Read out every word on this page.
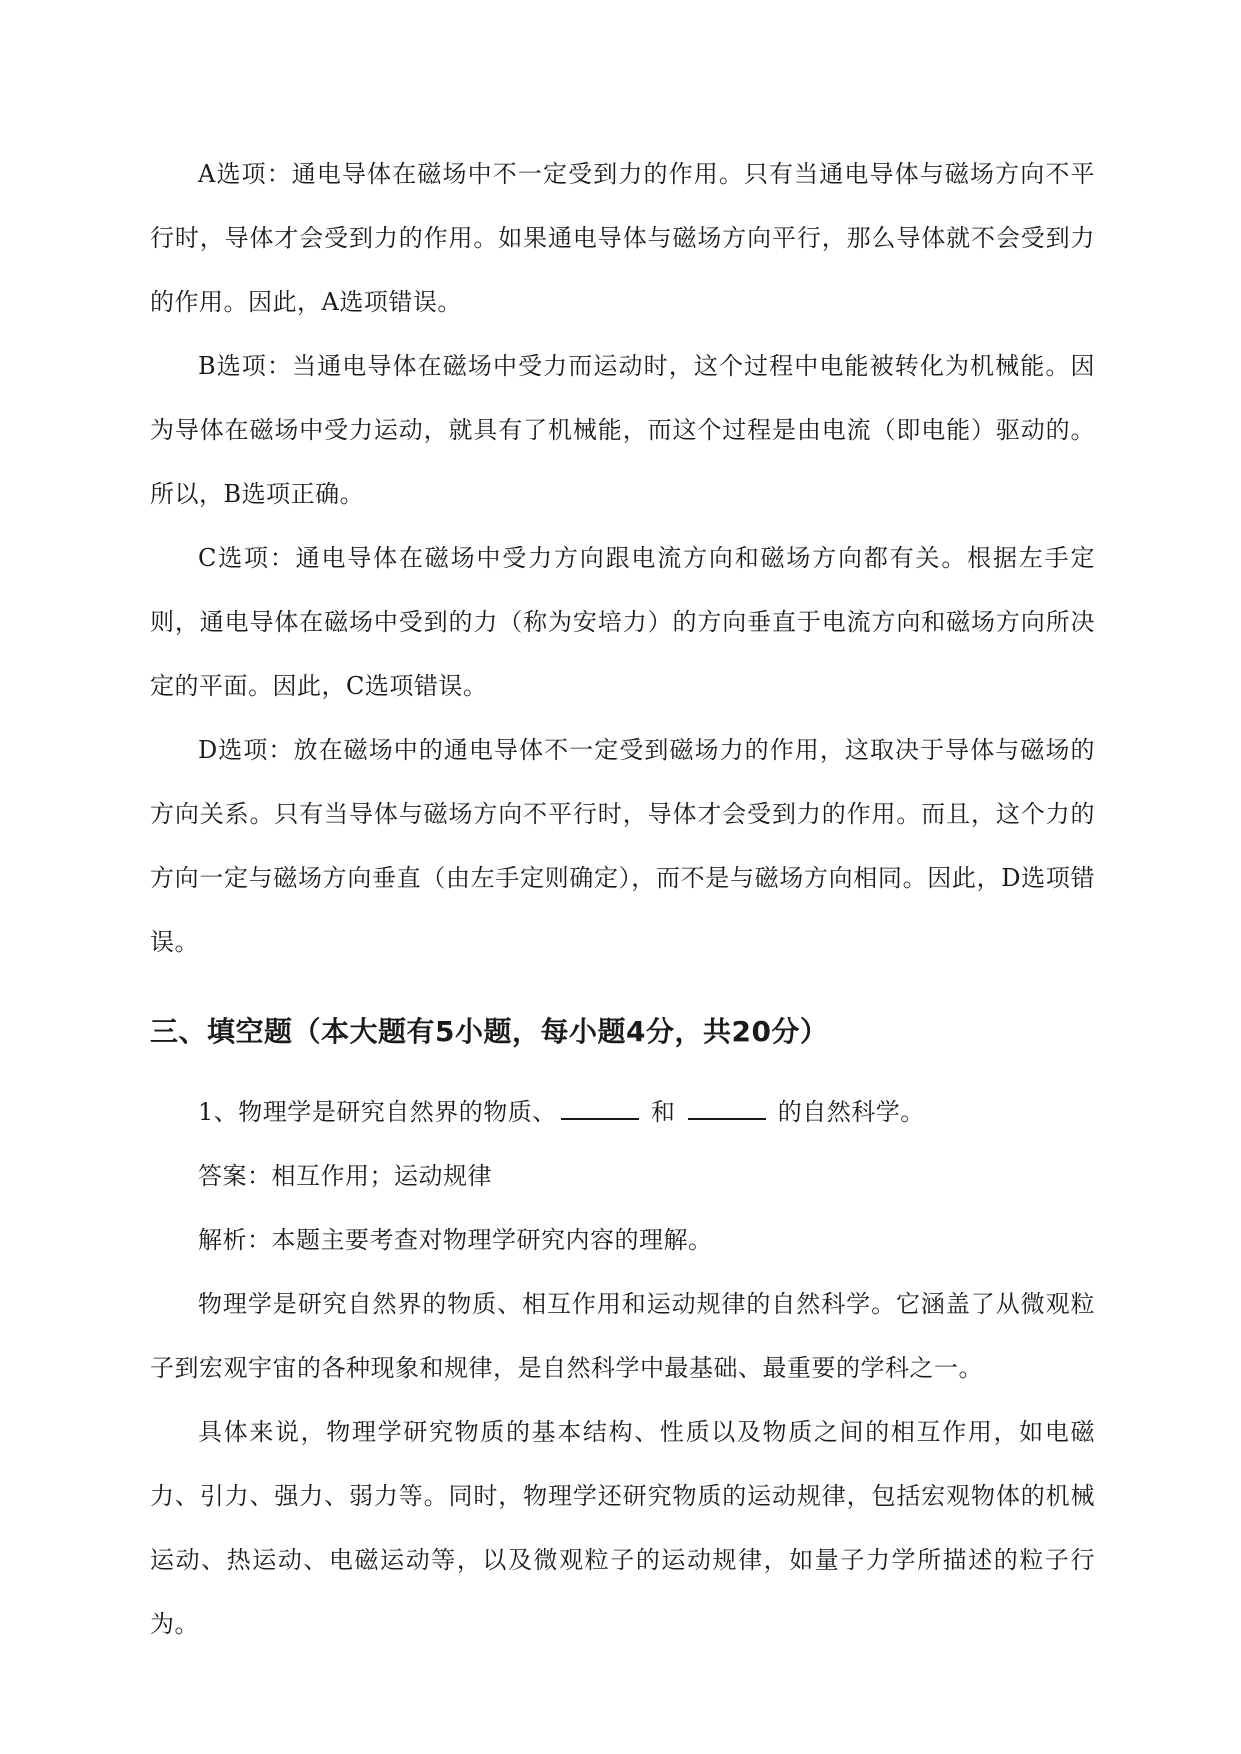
A选项：通电导体在磁场中不一定受到力的作用。只有当通电导体与磁场方向不平行时，导体才会受到力的作用。如果通电导体与磁场方向平行，那么导体就不会受到力的作用。因此，A选项错误。

B选项：当通电导体在磁场中受力而运动时，这个过程中电能被转化为机械能。因为导体在磁场中受力运动，就具有了机械能，而这个过程是由电流（即电能）驱动的。所以，B选项正确。

C选项：通电导体在磁场中受力方向跟电流方向和磁场方向都有关。根据左手定则，通电导体在磁场中受到的力（称为安培力）的方向垂直于电流方向和磁场方向所决定的平面。因此，C选项错误。

D选项：放在磁场中的通电导体不一定受到磁场力的作用，这取决于导体与磁场的方向关系。只有当导体与磁场方向不平行时，导体才会受到力的作用。而且，这个力的方向一定与磁场方向垂直（由左手定则确定），而不是与磁场方向相同。因此，D选项错误。

三、填空题（本大题有5小题，每小题4分，共20分）

1、物理学是研究自然界的物质、	和	的自然科学。

答案：相互作用；运动规律

解析：本题主要考查对物理学研究内容的理解。

物理学是研究自然界的物质、相互作用和运动规律的自然科学。它涵盖了从微观粒子到宏观宇宙的各种现象和规律，是自然科学中最基础、最重要的学科之一。

具体来说，物理学研究物质的基本结构、性质以及物质之间的相互作用，如电磁力、引力、强力、弱力等。同时，物理学还研究物质的运动规律，包括宏观物体的机械运动、热运动、电磁运动等，以及微观粒子的运动规律，如量子力学所描述的粒子行为。
